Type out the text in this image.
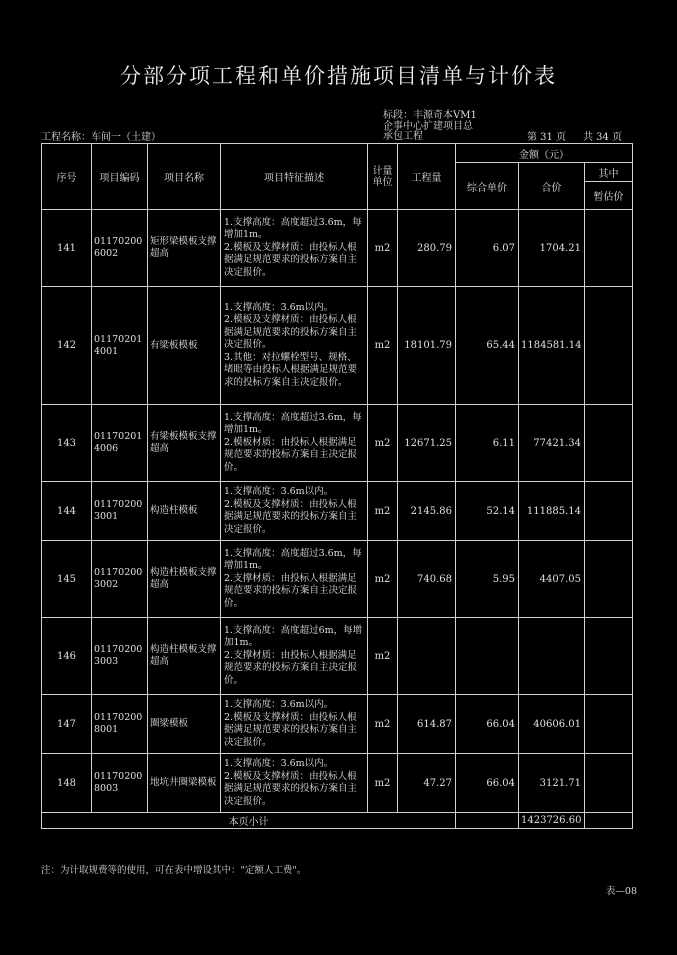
分部分项工程和单价措施项目清单与计价表
标段：丰源奇本VM1
企事中心扩建项目总
承包工程
工程名称：车间一（土建）	第 31 页 共 34 页
序号	项目编码	项目名称	项目特征描述	计量单位	工程量	金额（元）		
						综合单价	合价	其中
								暂估价
141	011702006002	矩形梁模板支撑超高	1.支撑高度：高度超过3.6m，每增加1m。
2.模板及支撑材质：由投标人根据满足规范要求的投标方案自主决定报价。	m2	280.79	6.07	1704.21	
142	011702014001	有梁板模板	1.支撑高度：3.6m以内。
2.模板及支撑材质：由投标人根据满足规范要求的投标方案自主决定报价。
3.其他：对拉螺栓型号、规格、堵眼等由投标人根据满足规范要求的投标方案自主决定报价。	m2	18101.79	65.44	1184581.14	
143	011702014006	有梁板模板支撑超高	1.支撑高度：高度超过3.6m，每增加1m。
2.模板材质：由投标人根据满足规范要求的投标方案自主决定报价。	m2	12671.25	6.11	77421.34	
144	011702003001	构造柱模板	1.支撑高度：3.6m以内。
2.模板及支撑材质：由投标人根据满足规范要求的投标方案自主决定报价。	m2	2145.86	52.14	111885.14	
145	011702003002	构造柱模板支撑超高	1.支撑高度：高度超过3.6m，每增加1m。
2.支撑材质：由投标人根据满足规范要求的投标方案自主决定报价。	m2	740.68	5.95	4407.05	
146	011702003003	构造柱模板支撑超高	1.支撑高度：高度超过6m，每增加1m。
2.支撑材质：由投标人根据满足规范要求的投标方案自主决定报价。	m2				
147	011702008001	圈梁模板	1.支撑高度：3.6m以内。
2.模板及支撑材质：由投标人根据满足规范要求的投标方案自主决定报价。	m2	614.87	66.04	40606.01	
148	011702008003	地坑井圈梁模板	1.支撑高度：3.6m以内。
2.模板及支撑材质：由投标人根据满足规范要求的投标方案自主决定报价。	m2	47.27	66.04	3121.71	
本页小计							1423726.60	
注：为计取规费等的使用，可在表中增设其中："定额人工费"。
表—08
